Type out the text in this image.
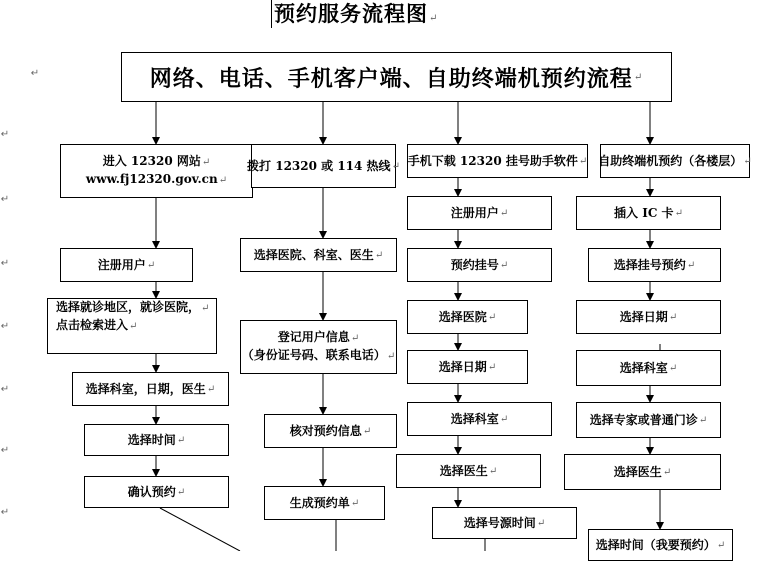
↵
↵
↵
↵
↵
↵
↵
↵
预约服务流程图↵
网络、电话、手机客户端、自助终端机预约流程 ↵
进入 12320 网站↵
www.fj12320.gov.cn↵
注册用户 ↵
选择就诊地区，就诊医院，↵
点击检索进入↵
选择科室，日期，医生 ↵
选择时间 ↵
确认预约 ↵
拨打 12320 或 114 热线 ↵
选择医院、科室、医生 ↵
登记用户信息↵
（身份证号码、联系电话）↵
核对预约信息 ↵
生成预约单 ↵
手机下载 12320 挂号助手软件 ↵
注册用户 ↵
预约挂号 ↵
选择医院 ↵
选择日期 ↵
选择科室 ↵
选择医生 ↵
选择号源时间 ↵
自助终端机预约（各楼层） ↵
插入 IC 卡 ↵
选择挂号预约 ↵
选择日期 ↵
选择科室 ↵
选择专家或普通门诊 ↵
选择医生 ↵
选择时间（我要预约） ↵
